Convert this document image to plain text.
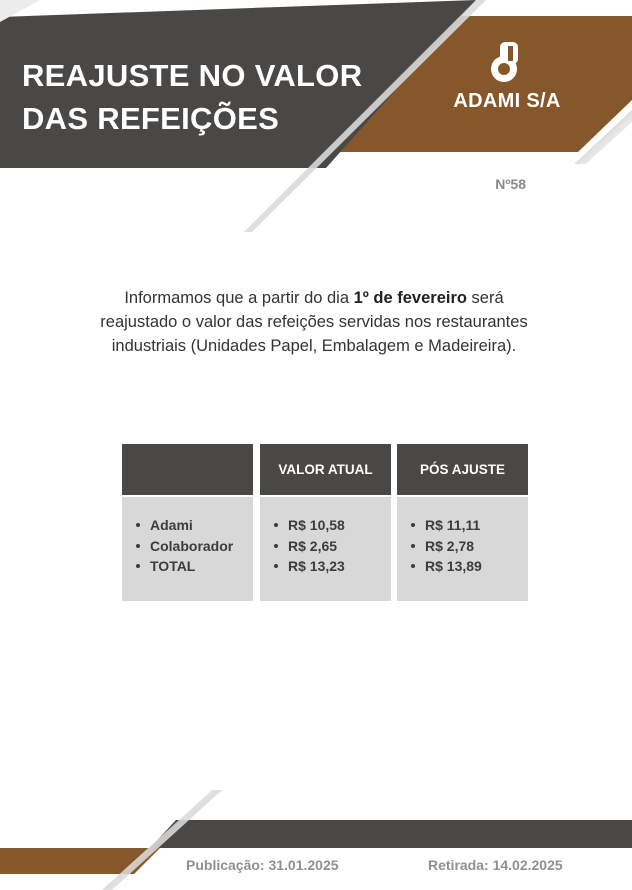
REAJUSTE NO VALOR
DAS REFEIÇÕES	ADAMI S/A
Nº58

Informamos que a partir do dia 1º de fevereiro será reajustado o valor das refeições servidas nos restaurantes industriais (Unidades Papel, Embalagem e Madeireira).

Adami
Colaborador
TOTAL
VALOR ATUAL
R$ 10,58
R$ 2,65
R$ 13,23
PÓS AJUSTE
R$ 11,11
R$ 2,78
R$ 13,89
Publicação: 31.01.2025	Retirada: 14.02.2025
